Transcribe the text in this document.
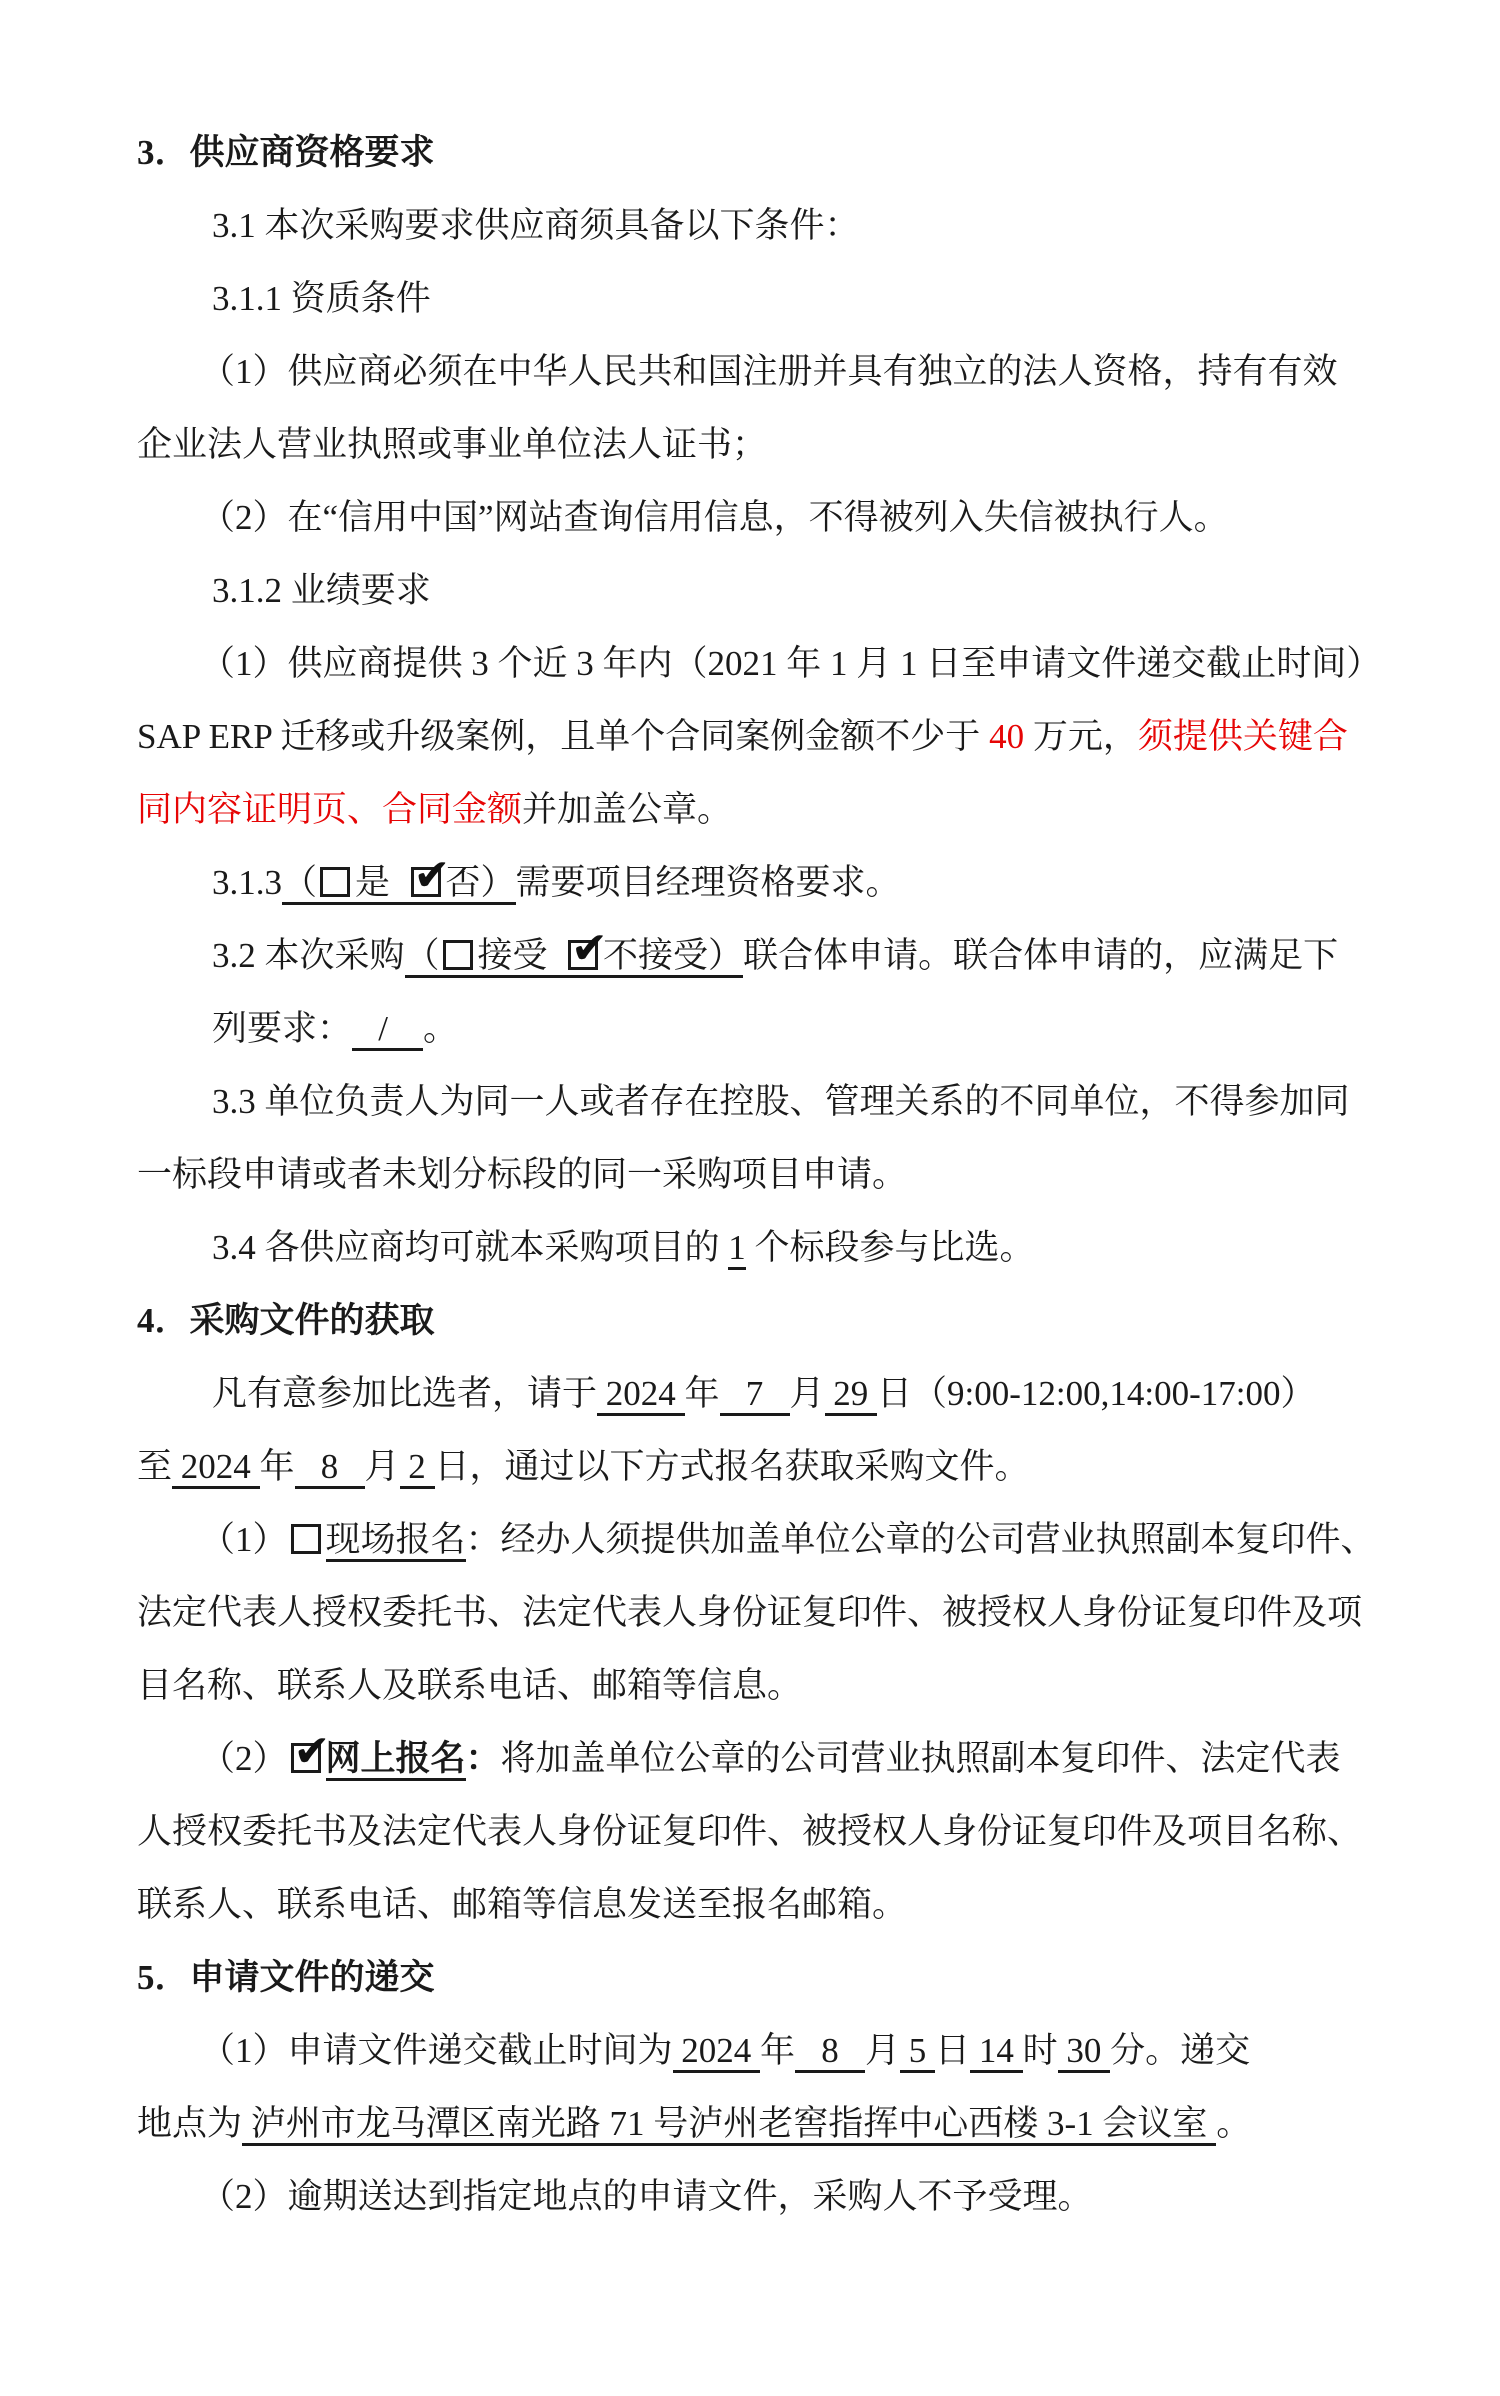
3．供应商资格要求
3.1 本次采购要求供应商须具备以下条件：
3.1.1 资质条件
（1）供应商必须在中华人民共和国注册并具有独立的法人资格，持有有效
企业法人营业执照或事业单位法人证书；
（2）在“信用中国”网站查询信用信息，不得被列入失信被执行人。
3.1.2 业绩要求
（1）供应商提供 3 个近 3 年内（2021 年 1 月 1 日至申请文件递交截止时间）
SAP ERP 迁移或升级案例，且单个合同案例金额不少于 40 万元，须提供关键合
同内容证明页、合同金额并加盖公章。
3.1.3（ 是 ✔
否）需要项目经理资格要求。
3.2 本次采购（ 接受 ✔
不接受）联合体申请。联合体申请的，应满足下
列要求：   /    。
3.3 单位负责人为同一人或者存在控股、管理关系的不同单位，不得参加同
一标段申请或者未划分标段的同一采购项目申请。
3.4 各供应商均可就本采购项目的 1 个标段参与比选。
4．采购文件的获取
凡有意参加比选者，请于 2024 年   7   月 29 日（9:00-12:00,14:00-17:00）
至 2024 年   8   月 2 日，通过以下方式报名获取采购文件。
（1） 现场报名：经办人须提供加盖单位公章的公司营业执照副本复印件、
法定代表人授权委托书、法定代表人身份证复印件、被授权人身份证复印件及项
目名称、联系人及联系电话、邮箱等信息。
（2） ✔
网上报名：将加盖单位公章的公司营业执照副本复印件、法定代表
人授权委托书及法定代表人身份证复印件、被授权人身份证复印件及项目名称、
联系人、联系电话、邮箱等信息发送至报名邮箱。
5．申请文件的递交
（1）申请文件递交截止时间为 2024 年   8   月 5 日 14 时 30 分。递交
地点为 泸州市龙马潭区南光路 71 号泸州老窖指挥中心西楼 3-1 会议室 。
（2）逾期送达到指定地点的申请文件，采购人不予受理。
